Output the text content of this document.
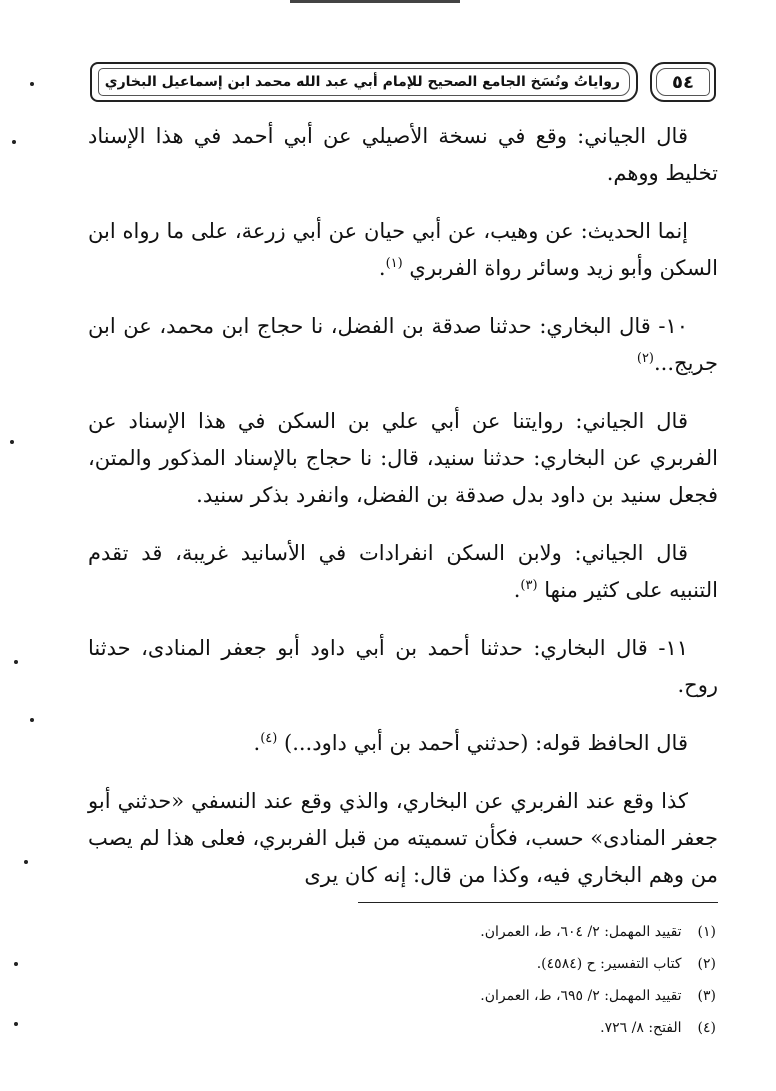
رواياتُ ونُسَخ الجامع الصحيح للإمام أبي عبد الله محمد ابن إسماعيل البخاري	٥٤

قال الجياني: وقع في نسخة الأصيلي عن أبي أحمد في هذا الإسناد تخليط ووهم.

إنما الحديث: عن وهيب، عن أبي حيان عن أبي زرعة، على ما رواه ابن السكن وأبو زيد وسائر رواة الفربري $^{(١)}$.

١٠- قال البخاري: حدثنا صدقة بن الفضل، نا حجاج ابن محمد، عن ابن جريج...$^{(٢)}$

قال الجياني: روايتنا عن أبي علي بن السكن في هذا الإسناد عن الفربري عن البخاري: حدثنا سنيد، قال: نا حجاج بالإسناد المذكور والمتن، فجعل سنيد بن داود بدل صدقة بن الفضل، وانفرد بذكر سنيد.

قال الجياني: ولابن السكن انفرادات في الأسانيد غريبة، قد تقدم التنبيه على كثير منها $^{(٣)}$.

١١- قال البخاري: حدثنا أحمد بن أبي داود أبو جعفر المنادى، حدثنا روح.

قال الحافظ قوله: (حدثني أحمد بن أبي داود...) $^{(٤)}$.

كذا وقع عند الفربري عن البخاري، والذي وقع عند النسفي «حدثني أبو جعفر المنادى» حسب، فكأن تسميته من قبل الفربري، فعلى هذا لم يصب من وهم البخاري فيه، وكذا من قال: إنه كان يرى

(١) تقييد المهمل: ٢/ ٦٠٤، ط، العمران.
(٢) كتاب التفسير: ح (٤٥٨٤).
(٣) تقييد المهمل: ٢/ ٦٩٥، ط، العمران.
(٤) الفتح: ٨/ ٧٢٦.
